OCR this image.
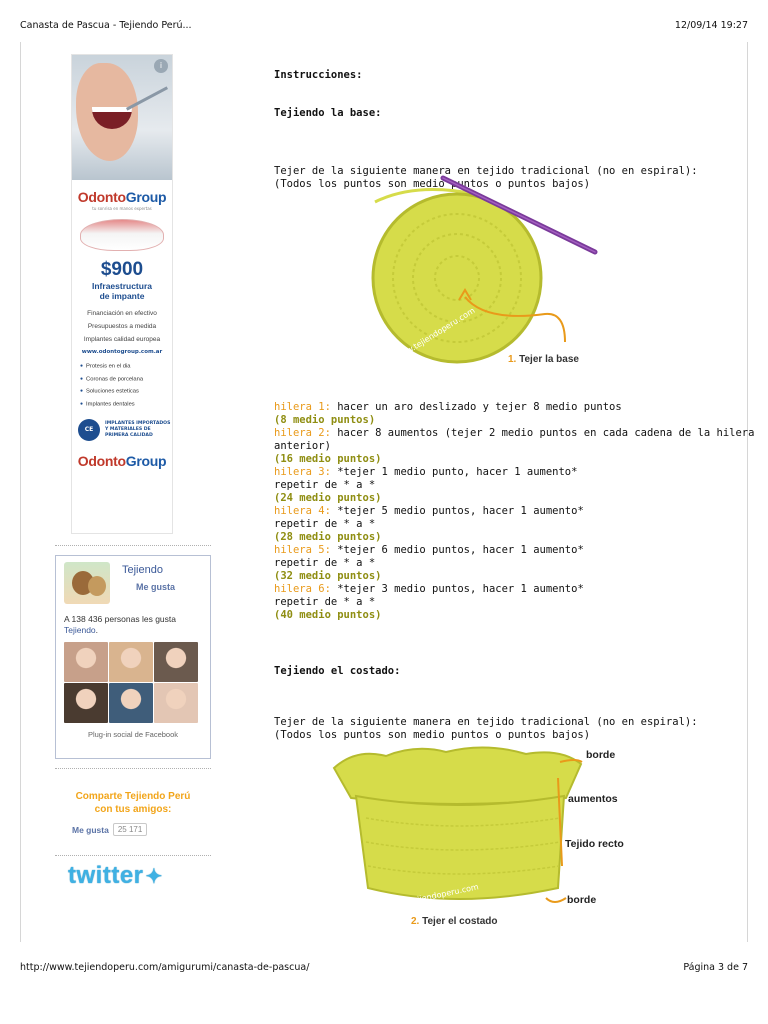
Canasta de Pascua - Tejiendo Perú...	12/09/14 19:27
i
OdontoGroup
tu sonrisa en manos expertas
$900
Infraestructura
de impante
Financiación en efectivo
Presupuestos a medida
Implantes calidad europea
www.odontogroup.com.ar
● Protesis en el dia
● Coronas de porcelana
● Soluciones esteticas
● Implantes dentales
CE
IMPLANTES IMPORTADOS
Y MATERIALES DE
PRIMERA CALIDAD
OdontoGroup
Tejiendo
Me gusta
A 138 436 personas les gusta
Tejiendo.
Plug-in social de Facebook
Comparte Tejiendo Perú
con tus amigos:
Me gusta	25 171
twitter ✦
Instrucciones:
Tejiendo la base:

Tejer de la siguiente manera en tejido tradicional (no en espiral):
(Todos los puntos son medio puntos o puntos bajos)

www.tejiendoperu.com	1. Tejer la base
hilera 1: hacer un aro deslizado y tejer 8 medio puntos
(8 medio puntos)
hilera 2: hacer 8 aumentos (tejer 2 medio puntos en cada cadena de la hilera
anterior)
(16 medio puntos)
hilera 3: *tejer 1 medio punto, hacer 1 aumento*
repetir de * a *
(24 medio puntos)
hilera 4: *tejer 5 medio puntos, hacer 1 aumento*
repetir de * a *
(28 medio puntos)
hilera 5: *tejer 6 medio puntos, hacer 1 aumento*
repetir de * a *
(32 medio puntos)
hilera 6: *tejer 3 medio puntos, hacer 1 aumento*
repetir de * a *
(40 medio puntos)
Tejiendo el costado:

Tejer de la siguiente manera en tejido tradicional (no en espiral):
(Todos los puntos son medio puntos o puntos bajos)

www.tejiendoperu.com
borde
aumentos
Tejido recto
borde
2. Tejer el costado
http://www.tejiendoperu.com/amigurumi/canasta-de-pascua/	Página 3 de 7
